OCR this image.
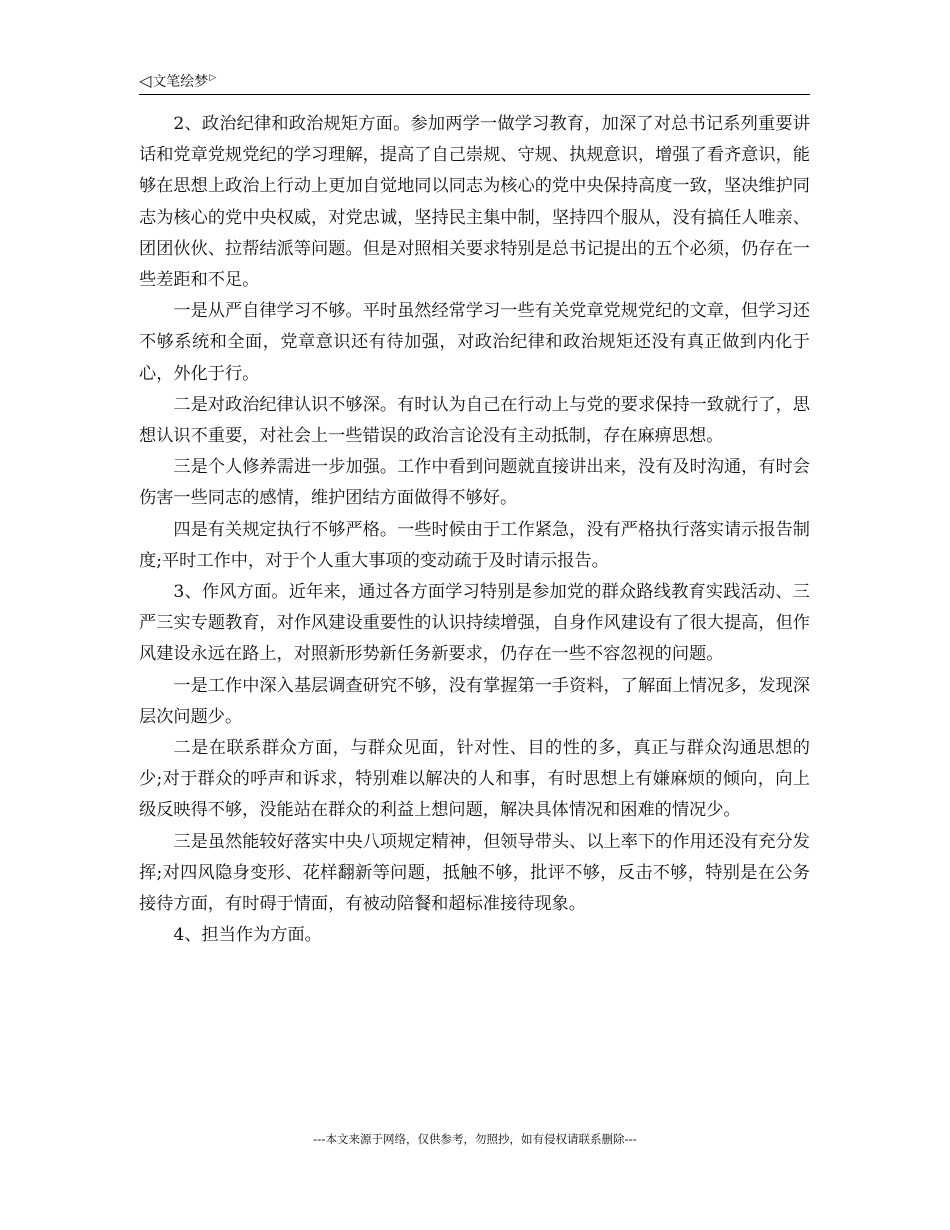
◁ 文笔绘梦 ▷

2、政治纪律和政治规矩方面。参加两学一做学习教育，加深了对总书记系列重要讲话和党章党规党纪的学习理解，提高了自己崇规、守规、执规意识，增强了看齐意识，能够在思想上政治上行动上更加自觉地同以同志为核心的党中央保持高度一致，坚决维护同志为核心的党中央权威，对党忠诚，坚持民主集中制，坚持四个服从，没有搞任人唯亲、团团伙伙、拉帮结派等问题。但是对照相关要求特别是总书记提出的五个必须，仍存在一些差距和不足。

一是从严自律学习不够。平时虽然经常学习一些有关党章党规党纪的文章，但学习还不够系统和全面，党章意识还有待加强，对政治纪律和政治规矩还没有真正做到内化于心，外化于行。

二是对政治纪律认识不够深。有时认为自己在行动上与党的要求保持一致就行了，思想认识不重要，对社会上一些错误的政治言论没有主动抵制，存在麻痹思想。

三是个人修养需进一步加强。工作中看到问题就直接讲出来，没有及时沟通，有时会伤害一些同志的感情，维护团结方面做得不够好。

四是有关规定执行不够严格。一些时候由于工作紧急，没有严格执行落实请示报告制度;平时工作中，对于个人重大事项的变动疏于及时请示报告。

3、作风方面。近年来，通过各方面学习特别是参加党的群众路线教育实践活动、三严三实专题教育，对作风建设重要性的认识持续增强，自身作风建设有了很大提高，但作风建设永远在路上，对照新形势新任务新要求，仍存在一些不容忽视的问题。

一是工作中深入基层调查研究不够，没有掌握第一手资料，了解面上情况多，发现深层次问题少。

二是在联系群众方面，与群众见面，针对性、目的性的多，真正与群众沟通思想的少;对于群众的呼声和诉求，特别难以解决的人和事，有时思想上有嫌麻烦的倾向，向上级反映得不够，没能站在群众的利益上想问题，解决具体情况和困难的情况少。

三是虽然能较好落实中央八项规定精神，但领导带头、以上率下的作用还没有充分发挥;对四风隐身变形、花样翻新等问题，抵触不够，批评不够，反击不够，特别是在公务接待方面，有时碍于情面，有被动陪餐和超标准接待现象。

4、担当作为方面。

---本文来源于网络，仅供参考，勿照抄，如有侵权请联系删除---
